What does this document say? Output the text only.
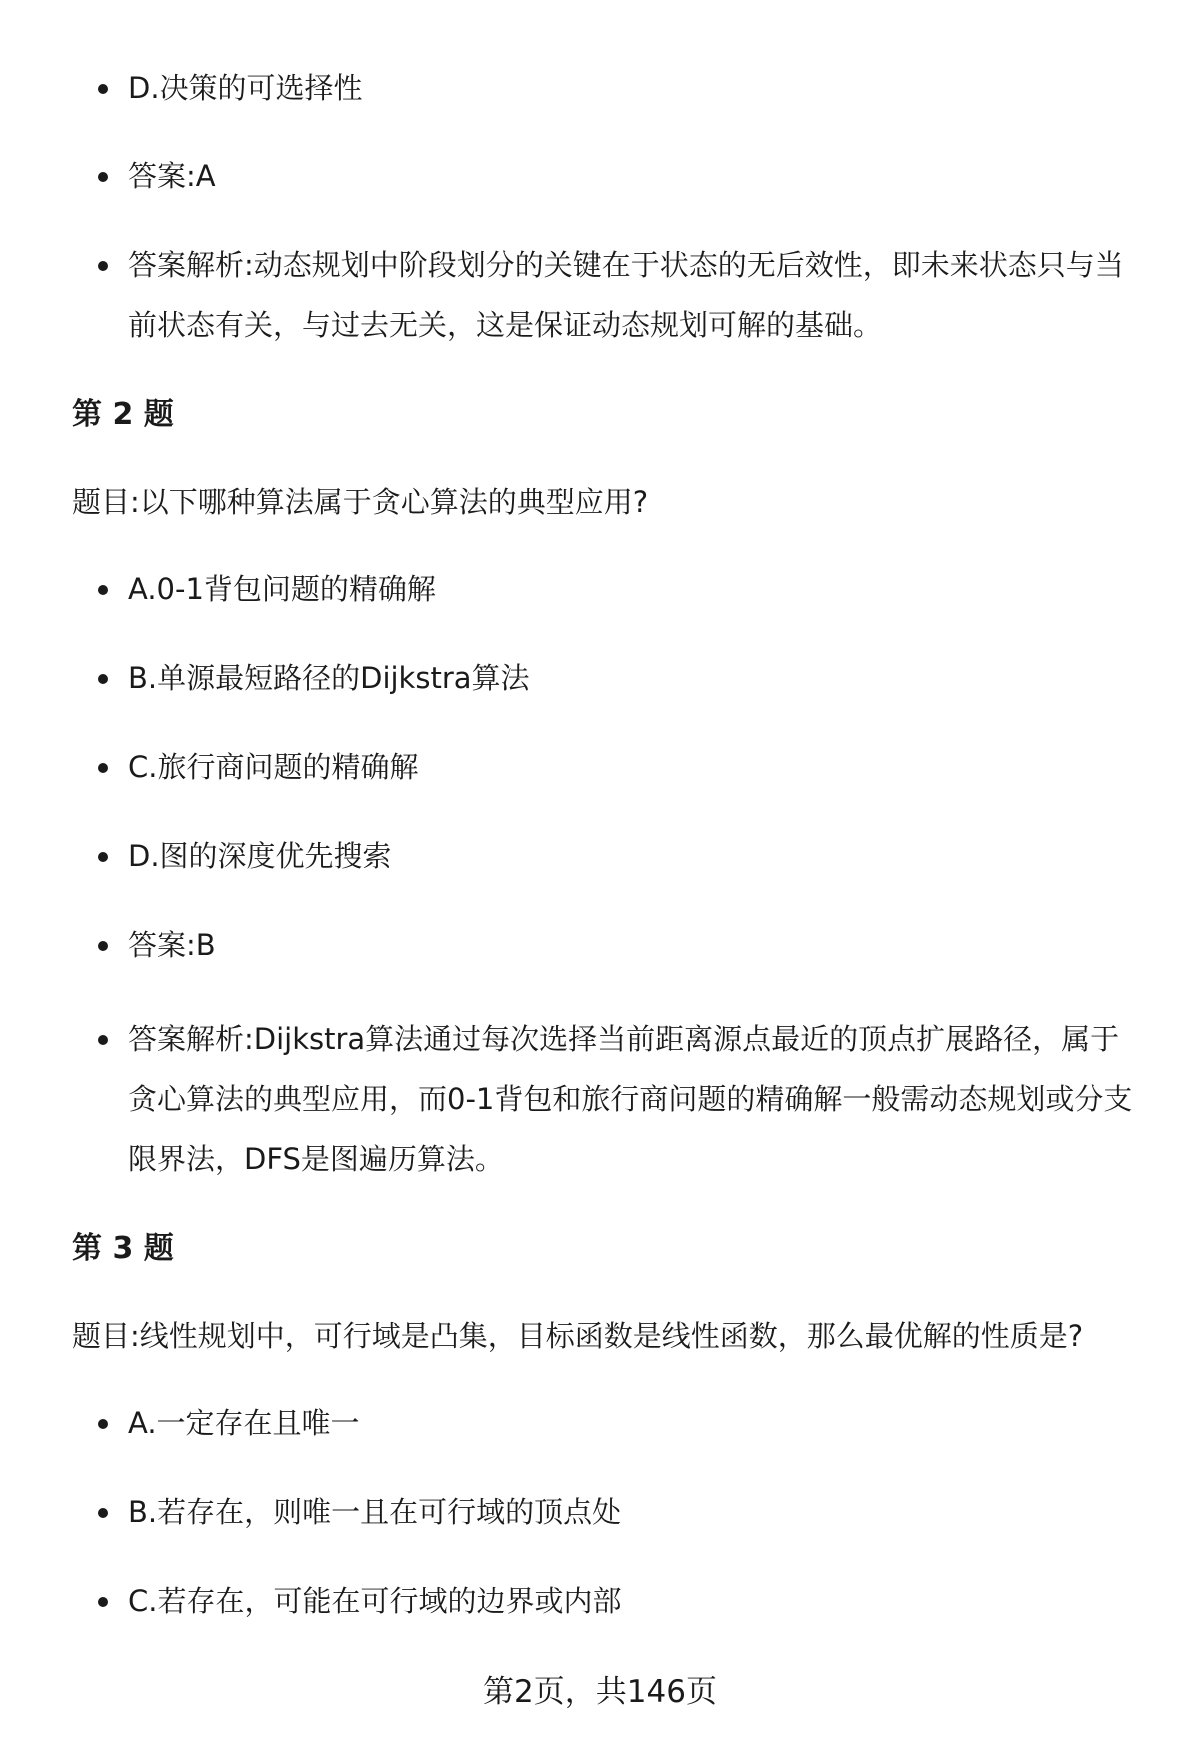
D.决策的可选择性
答案:A
答案解析:动态规划中阶段划分的关键在于状态的无后效性，即未来状态只与当前状态有关，与过去无关，这是保证动态规划可解的基础。
第 2 题

题目:以下哪种算法属于贪心算法的典型应用?

A.0-1背包问题的精确解
B.单源最短路径的Dijkstra算法
C.旅行商问题的精确解
D.图的深度优先搜索
答案:B
答案解析:Dijkstra算法通过每次选择当前距离源点最近的顶点扩展路径，属于贪心算法的典型应用，而0-1背包和旅行商问题的精确解一般需动态规划或分支限界法，DFS是图遍历算法。
第 3 题

题目:线性规划中，可行域是凸集，目标函数是线性函数，那么最优解的性质是?

A.一定存在且唯一
B.若存在，则唯一且在可行域的顶点处
C.若存在，可能在可行域的边界或内部
第2页，共146页
